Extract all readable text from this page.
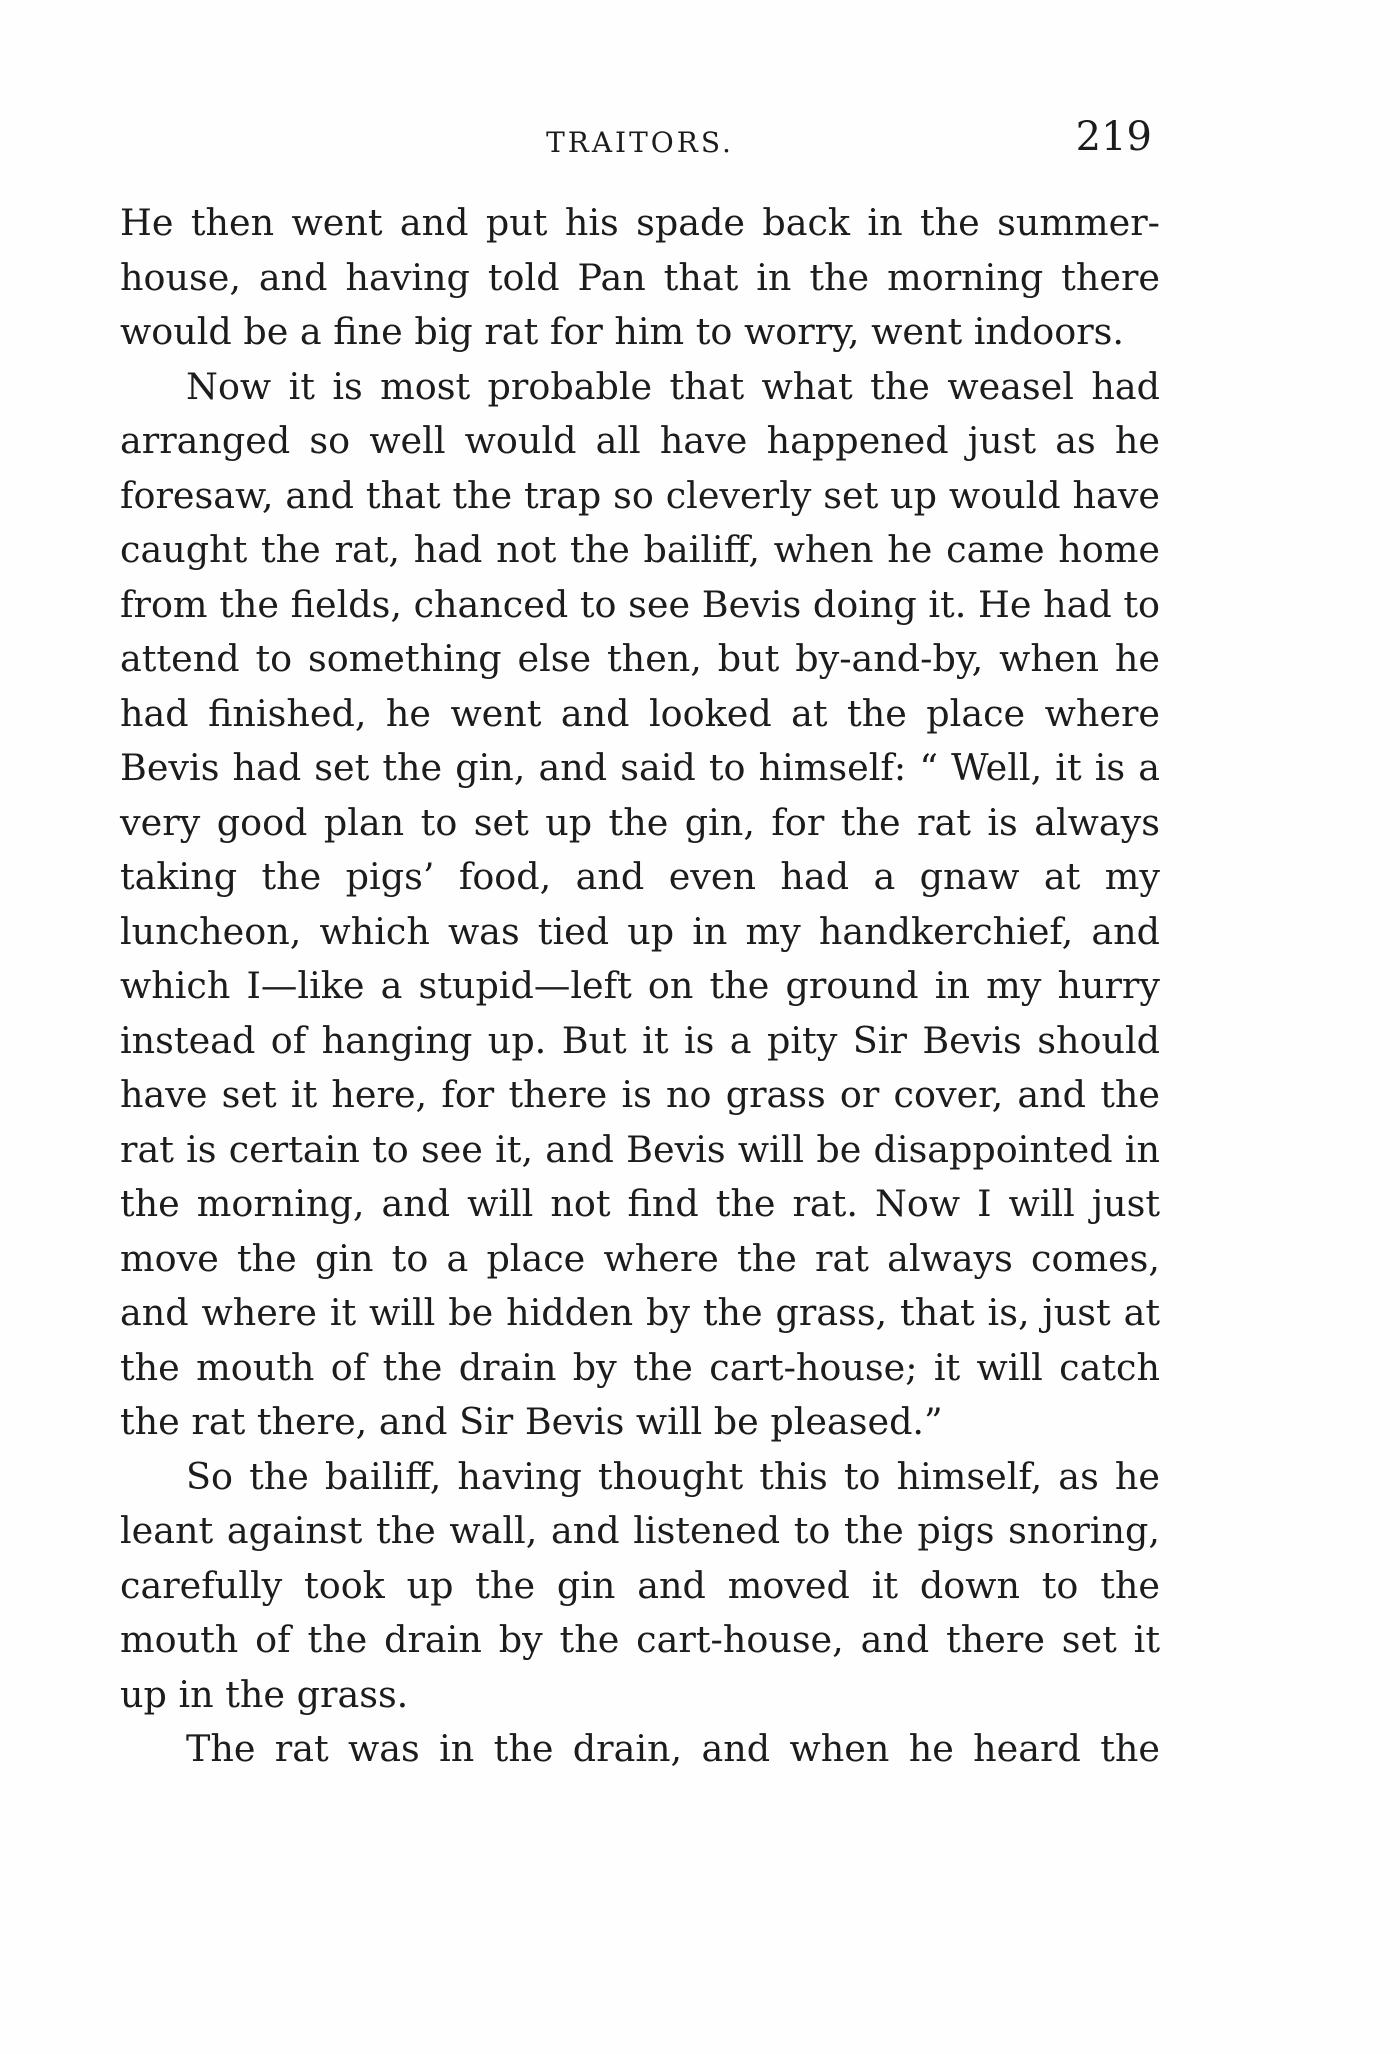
TRAITORS.	219

He then went and put his spade back in the summer-house, and having told Pan that in the morning there would be a fine big rat for him to worry, went indoors.

Now it is most probable that what the weasel had arranged so well would all have happened just as he foresaw, and that the trap so cleverly set up would have caught the rat, had not the bailiff, when he came home from the fields, chanced to see Bevis doing it. He had to attend to something else then, but by-and-by, when he had finished, he went and looked at the place where Bevis had set the gin, and said to himself: “ Well, it is a very good plan to set up the gin, for the rat is always taking the pigs’ food, and even had a gnaw at my luncheon, which was tied up in my handkerchief, and which I—like a stupid—left on the ground in my hurry instead of hanging up. But it is a pity Sir Bevis should have set it here, for there is no grass or cover, and the rat is certain to see it, and Bevis will be disappointed in the morning, and will not find the rat. Now I will just move the gin to a place where the rat always comes, and where it will be hidden by the grass, that is, just at the mouth of the drain by the cart-house; it will catch the rat there, and Sir Bevis will be pleased.”

So the bailiff, having thought this to himself, as he leant against the wall, and listened to the pigs snoring, carefully took up the gin and moved it down to the mouth of the drain by the cart-house, and there set it up in the grass.

The rat was in the drain, and when he heard the
